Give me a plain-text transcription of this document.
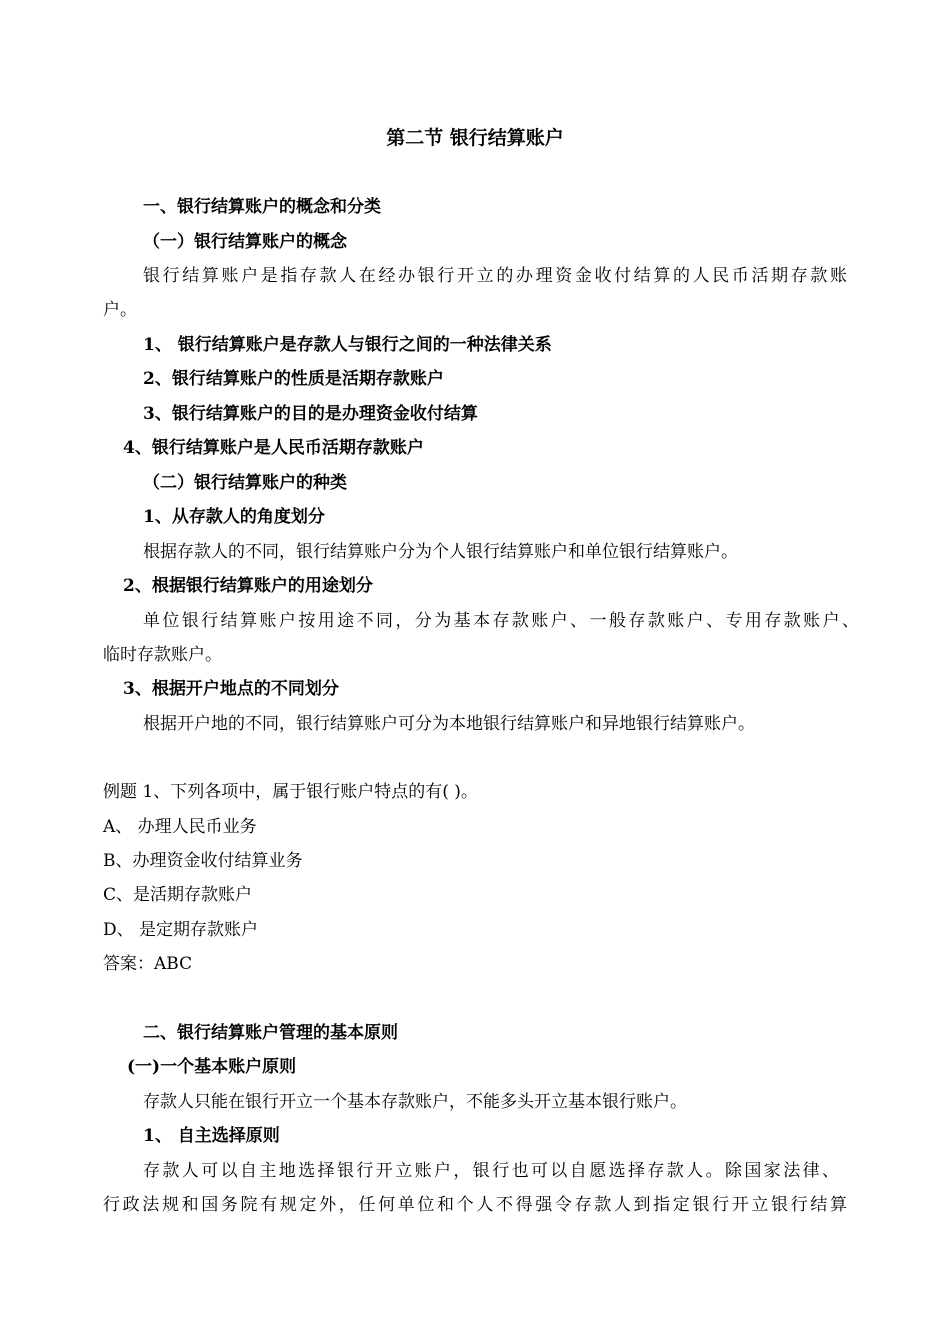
第二节 银行结算账户
一、银行结算账户的概念和分类
（一）银行结算账户的概念
银行结算账户是指存款人在经办银行开立的办理资金收付结算的人民币活期存款账
户。
1、 银行结算账户是存款人与银行之间的一种法律关系
2、银行结算账户的性质是活期存款账户
3、银行结算账户的目的是办理资金收付结算
4、银行结算账户是人民币活期存款账户
（二）银行结算账户的种类
1、从存款人的角度划分
根据存款人的不同，银行结算账户分为个人银行结算账户和单位银行结算账户。
2、根据银行结算账户的用途划分
单位银行结算账户按用途不同，分为基本存款账户、一般存款账户、专用存款账户、
临时存款账户。
3、根据开户地点的不同划分
根据开户地的不同，银行结算账户可分为本地银行结算账户和异地银行结算账户。
例题 1、下列各项中，属于银行账户特点的有( )。
A、 办理人民币业务
B、办理资金收付结算业务
C、是活期存款账户
D、 是定期存款账户
答案：ABC
二、银行结算账户管理的基本原则
(一)一个基本账户原则
存款人只能在银行开立一个基本存款账户，不能多头开立基本银行账户。
1、 自主选择原则
存款人可以自主地选择银行开立账户，银行也可以自愿选择存款人。除国家法律、
行政法规和国务院有规定外，任何单位和个人不得强令存款人到指定银行开立银行结算
